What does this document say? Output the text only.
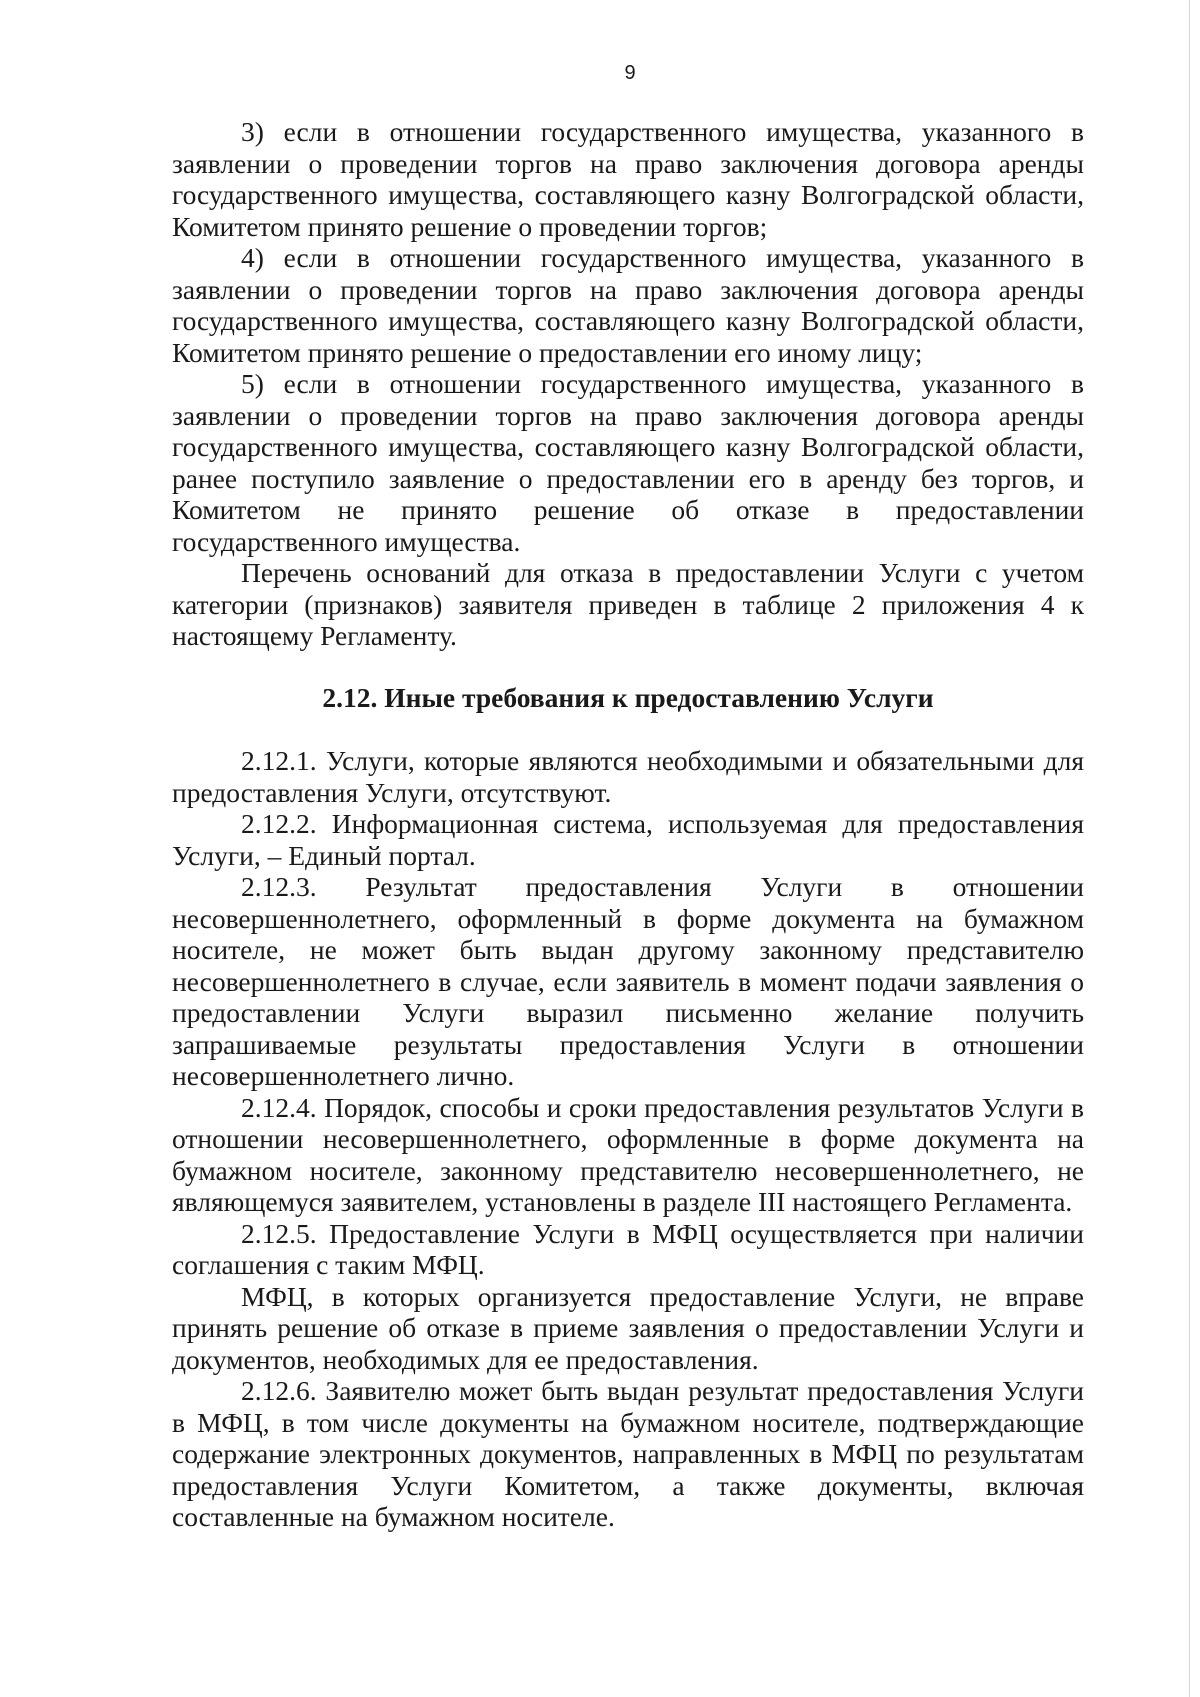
9

3) если в отношении государственного имущества, указанного в заявлении о проведении торгов на право заключения договора аренды государственного имущества, составляющего казну Волгоградской области, Комитетом принято решение о проведении торгов;

4) если в отношении государственного имущества, указанного в заявлении о проведении торгов на право заключения договора аренды государственного имущества, составляющего казну Волгоградской области, Комитетом принято решение о предоставлении его иному лицу;

5) если в отношении государственного имущества, указанного в заявлении о проведении торгов на право заключения договора аренды государственного имущества, составляющего казну Волгоградской области, ранее поступило заявление о предоставлении его в аренду без торгов, и Комитетом не принято решение об отказе в предоставлении государственного имущества.

Перечень оснований для отказа в предоставлении Услуги с учетом категории (признаков) заявителя приведен в таблице 2 приложения 4 к настоящему Регламенту.

2.12. Иные требования к предоставлению Услуги

2.12.1. Услуги, которые являются необходимыми и обязательными для предоставления Услуги, отсутствуют.

2.12.2. Информационная система, используемая для предоставления Услуги, – Единый портал.

2.12.3. Результат предоставления Услуги в отношении несовершеннолетнего, оформленный в форме документа на бумажном носителе, не может быть выдан другому законному представителю несовершеннолетнего в случае, если заявитель в момент подачи заявления о предоставлении Услуги выразил письменно желание получить запрашиваемые результаты предоставления Услуги в отношении несовершеннолетнего лично.

2.12.4. Порядок, способы и сроки предоставления результатов Услуги в отношении несовершеннолетнего, оформленные в форме документа на бумажном носителе, законному представителю несовершеннолетнего, не являющемуся заявителем, установлены в разделе III настоящего Регламента.

2.12.5. Предоставление Услуги в МФЦ осуществляется при наличии соглашения с таким МФЦ.

МФЦ, в которых организуется предоставление Услуги, не вправе принять решение об отказе в приеме заявления о предоставлении Услуги и документов, необходимых для ее предоставления.

2.12.6. Заявителю может быть выдан результат предоставления Услуги в МФЦ, в том числе документы на бумажном носителе, подтверждающие содержание электронных документов, направленных в МФЦ по результатам предоставления Услуги Комитетом, а также документы, включая составленные на бумажном носителе.
